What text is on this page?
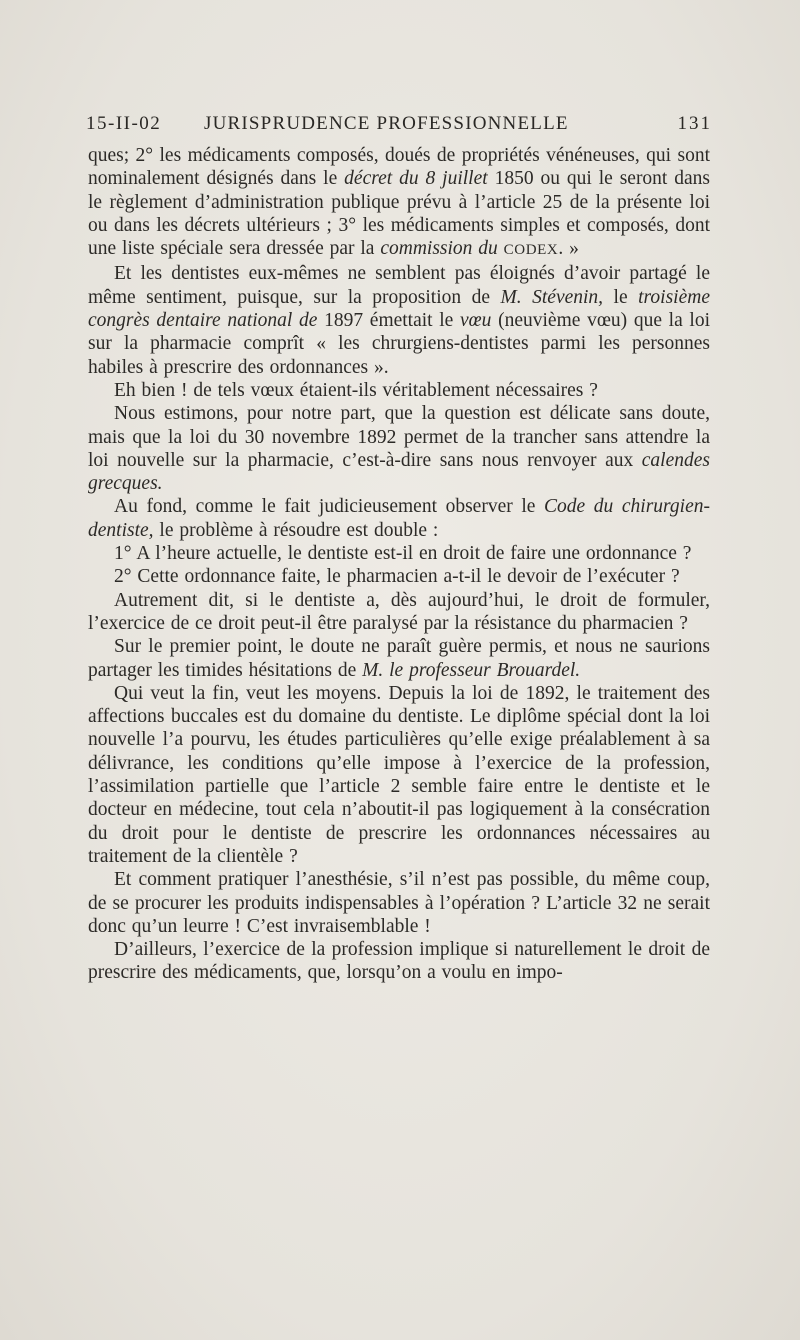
15-II-02 JURISPRUDENCE PROFESSIONNELLE	131

ques; 2° les médicaments composés, doués de propriétés vénéneuses, qui sont nominalement désignés dans le décret du 8 juillet 1850 ou qui le seront dans le règlement d’administration publique prévu à l’article 25 de la présente loi ou dans les décrets ultérieurs ; 3° les médicaments simples et composés, dont une liste spéciale sera dressée par la commission du CODEX. »

Et les dentistes eux-mêmes ne semblent pas éloignés d’avoir partagé le même sentiment, puisque, sur la proposition de M. Stévenin, le troisième congrès dentaire national de 1897 émettait le vœu (neuvième vœu) que la loi sur la pharmacie comprît « les chrurgiens-dentistes parmi les personnes habiles à prescrire des ordonnances ».

Eh bien ! de tels vœux étaient-ils véritablement nécessaires ?

Nous estimons, pour notre part, que la question est délicate sans doute, mais que la loi du 30 novembre 1892 permet de la trancher sans attendre la loi nouvelle sur la pharmacie, c’est-à-dire sans nous renvoyer aux calendes grecques.

Au fond, comme le fait judicieusement observer le Code du chirurgien-dentiste, le problème à résoudre est double :

1° A l’heure actuelle, le dentiste est-il en droit de faire une ordonnance ?

2° Cette ordonnance faite, le pharmacien a-t-il le devoir de l’exécuter ?

Autrement dit, si le dentiste a, dès aujourd’hui, le droit de formuler, l’exercice de ce droit peut-il être paralysé par la résistance du pharmacien ?

Sur le premier point, le doute ne paraît guère permis, et nous ne saurions partager les timides hésitations de M. le professeur Brouardel.

Qui veut la fin, veut les moyens. Depuis la loi de 1892, le traitement des affections buccales est du domaine du dentiste. Le diplôme spécial dont la loi nouvelle l’a pourvu, les études particulières qu’elle exige préalablement à sa délivrance, les conditions qu’elle impose à l’exercice de la profession, l’assimilation partielle que l’article 2 semble faire entre le dentiste et le docteur en médecine, tout cela n’aboutit-il pas logiquement à la consécration du droit pour le dentiste de prescrire les ordonnances nécessaires au traitement de la clientèle ?

Et comment pratiquer l’anesthésie, s’il n’est pas possible, du même coup, de se procurer les produits indispensables à l’opération ? L’article 32 ne serait donc qu’un leurre ! C’est invraisemblable !

D’ailleurs, l’exercice de la profession implique si naturellement le droit de prescrire des médicaments, que, lorsqu’on a voulu en impo-
